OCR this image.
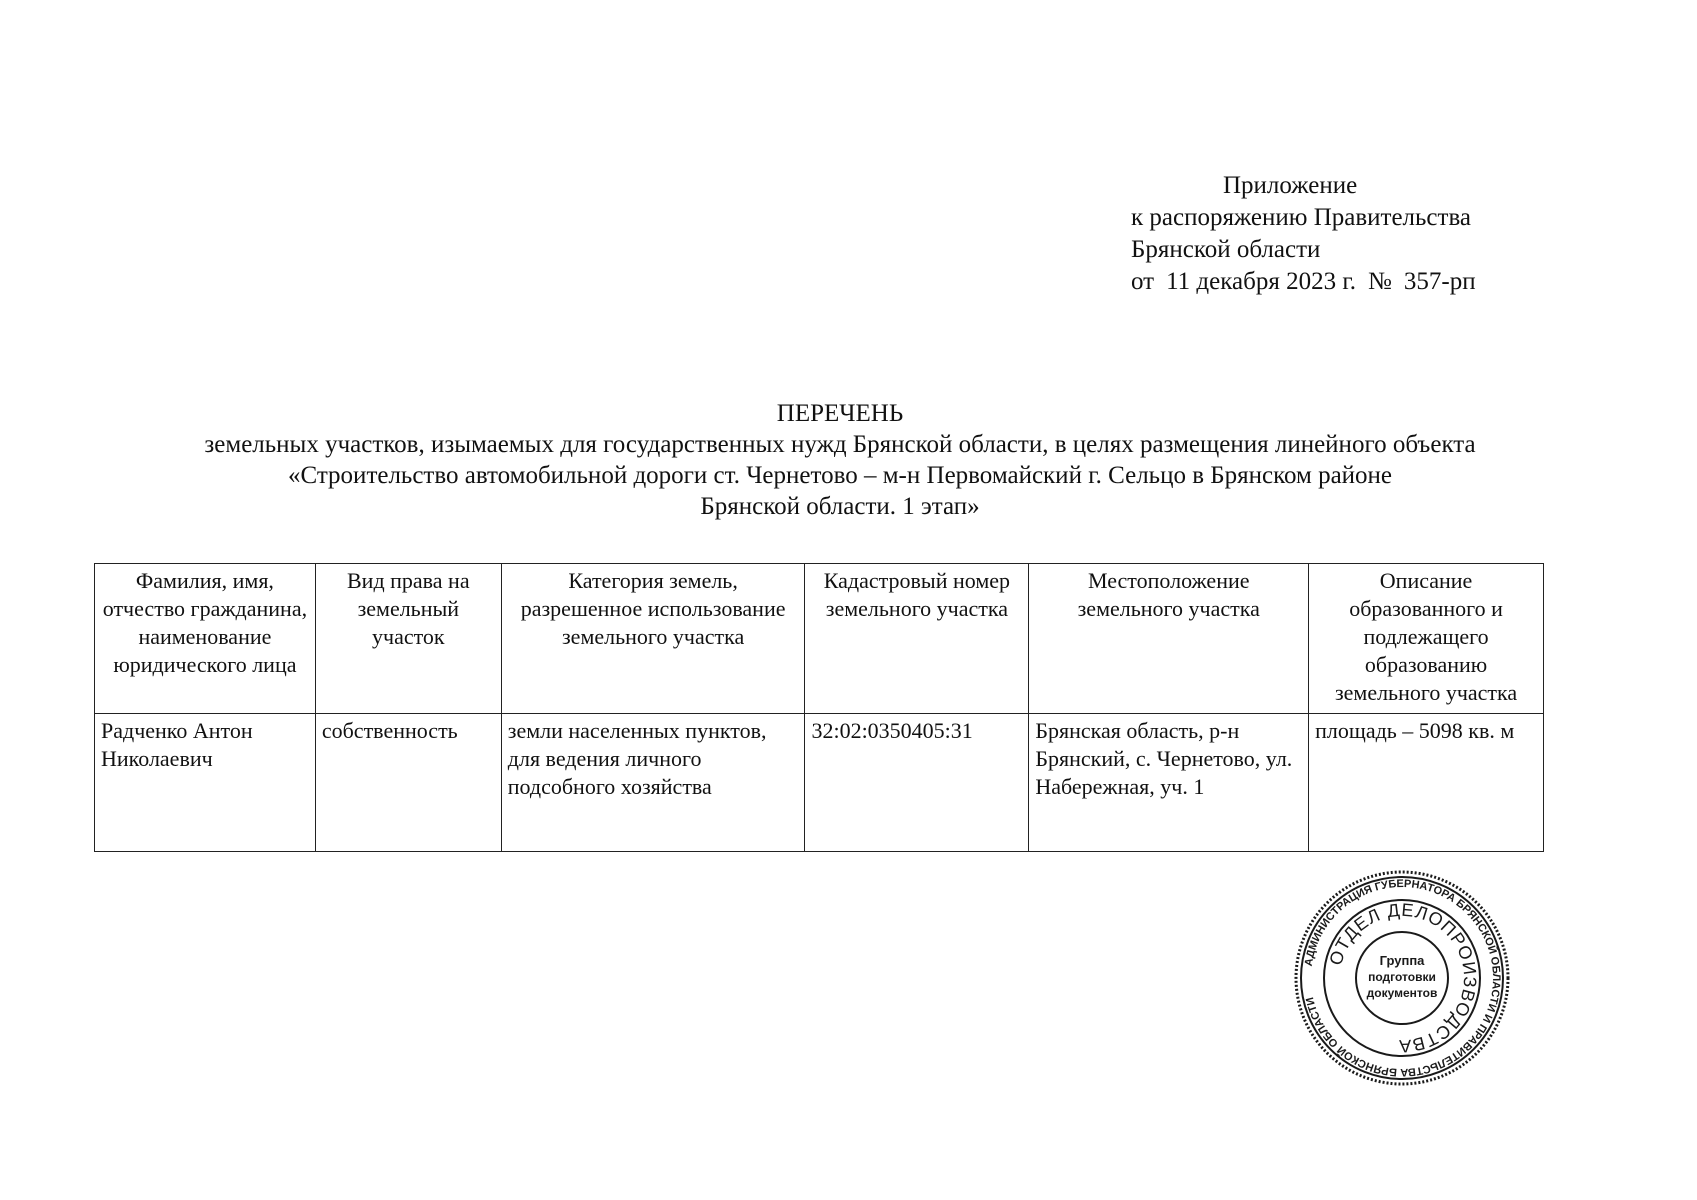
Приложение
к распоряжению Правительства
Брянской области
от 11 декабря 2023 г. № 357-рп
ПЕРЕЧЕНЬ
земельных участков, изымаемых для государственных нужд Брянской области, в целях размещения линейного объекта
«Строительство автомобильной дороги ст. Чернетово – м-н Первомайский г. Сельцо в Брянском районе
Брянской области. 1 этап»
Фамилия, имя, отчество гражданина, наименование юридического лица	Вид права на земельный участок	Категория земель, разрешенное использование земельного участка	Кадастровый номер земельного участка	Местоположение земельного участка	Описание образованного и подлежащего образованию земельного участка
Радченко Антон Николаевич	собственность	земли населенных пунктов, для ведения личного подсобного хозяйства	32:02:0350405:31	Брянская область, р-н Брянский, с. Чернетово, ул. Набережная, уч. 1	площадь – 5098 кв. м
АДМИНИСТРАЦИЯ ГУБЕРНАТОРА БРЯНСКОЙ ОБЛАСТИ И ПРАВИТЕЛЬСТВА БРЯНСКОЙ ОБЛАСТИ
ОТДЕЛ ДЕЛОПРОИЗВОДСТВА
Группа
подготовки
документов
